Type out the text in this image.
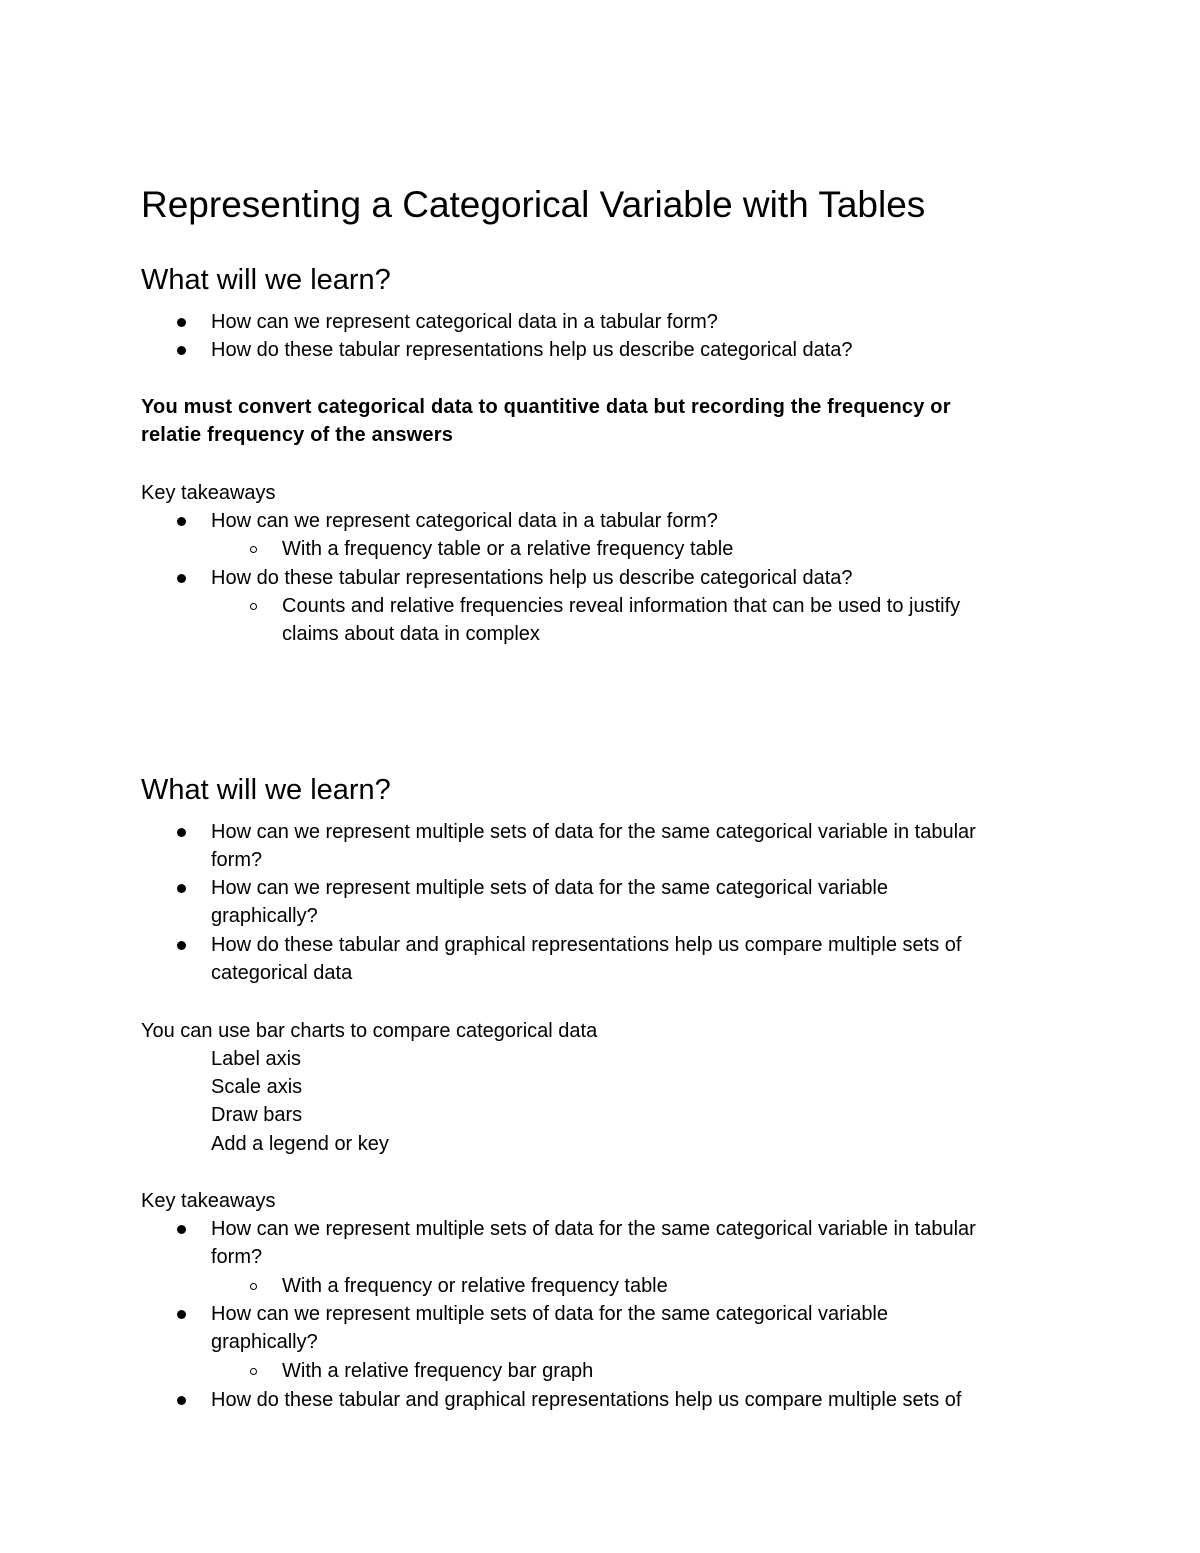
Representing a Categorical Variable with Tables
What will we learn?
How can we represent categorical data in a tabular form?
How do these tabular representations help us describe categorical data?
You must convert categorical data to quantitive data but recording the frequency or
relatie frequency of the answers
Key takeaways
How can we represent categorical data in a tabular form?
With a frequency table or a relative frequency table
How do these tabular representations help us describe categorical data?
Counts and relative frequencies reveal information that can be used to justify
claims about data in complex
What will we learn?
How can we represent multiple sets of data for the same categorical variable in tabular
form?
How can we represent multiple sets of data for the same categorical variable
graphically?
How do these tabular and graphical representations help us compare multiple sets of
categorical data
You can use bar charts to compare categorical data
Label axis
Scale axis
Draw bars
Add a legend or key
Key takeaways
How can we represent multiple sets of data for the same categorical variable in tabular
form?
With a frequency or relative frequency table
How can we represent multiple sets of data for the same categorical variable
graphically?
With a relative frequency bar graph
How do these tabular and graphical representations help us compare multiple sets of
